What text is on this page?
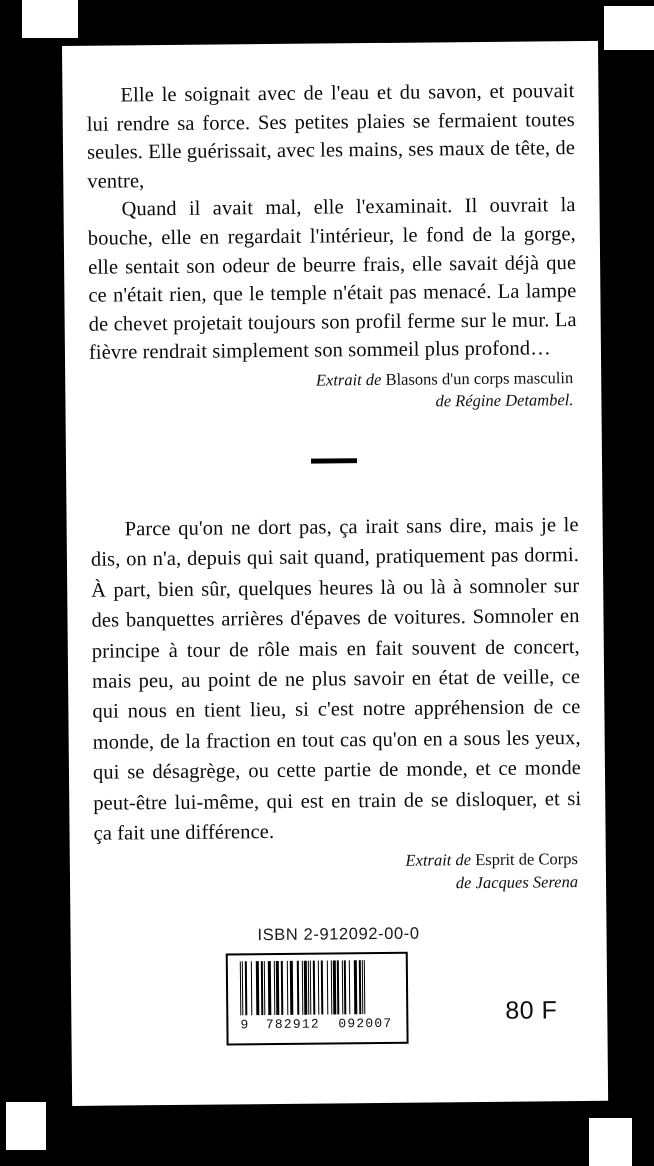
Elle le soignait avec de l'eau et du savon, et pouvait lui rendre sa force. Ses petites plaies se fermaient toutes seules. Elle guérissait, avec les mains, ses maux de tête, de ventre,

Quand il avait mal, elle l'examinait. Il ouvrait la bouche, elle en regardait l'intérieur, le fond de la gorge, elle sentait son odeur de beurre frais, elle savait déjà que ce n'était rien, que le temple n'était pas menacé. La lampe de chevet projetait toujours son profil ferme sur le mur. La fièvre rendrait simplement son sommeil plus profond…

Extrait de Blasons d'un corps masculin
de Régine Detambel.

Parce qu'on ne dort pas, ça irait sans dire, mais je le dis, on n'a, depuis qui sait quand, pratiquement pas dormi. À part, bien sûr, quelques heures là ou là à somnoler sur des banquettes arrières d'épaves de voitures. Somnoler en principe à tour de rôle mais en fait souvent de concert, mais peu, au point de ne plus savoir en état de veille, ce qui nous en tient lieu, si c'est notre appréhension de ce monde, de la fraction en tout cas qu'on en a sous les yeux, qui se désagrège, ou cette partie de monde, et ce monde peut-être lui-même, qui est en train de se disloquer, et si ça fait une différence.

Extrait de Esprit de Corps
de Jacques Serena
ISBN 2-912092-00-0
9 782912 092007	80 F
